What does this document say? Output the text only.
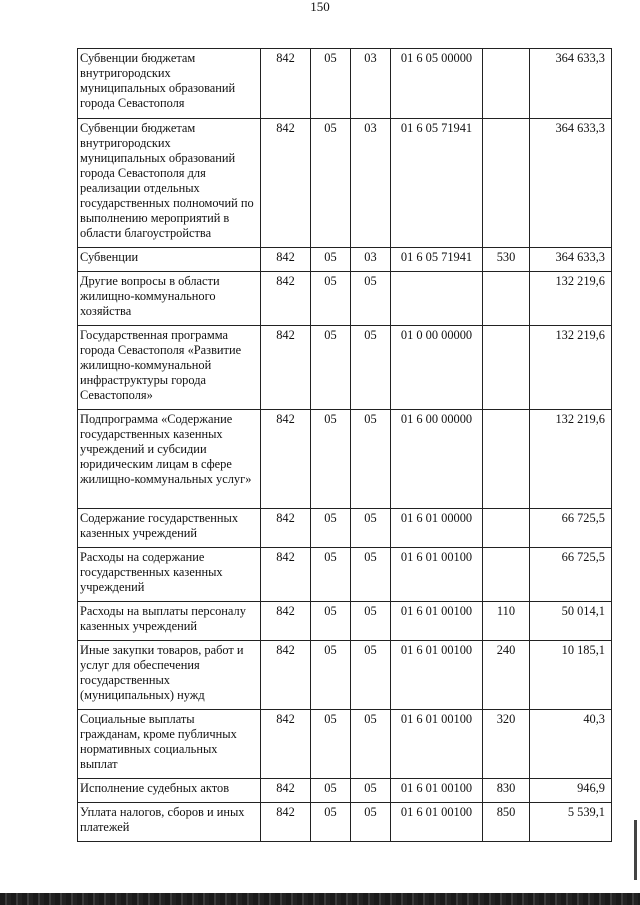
150
Субвенции бюджетам внутригородских муниципальных образований города Севастополя	842	05	03	01 6 05 00000		364 633,3
Субвенции бюджетам внутригородских муниципальных образований города Севастополя для реализации отдельных государственных полномочий по выполнению мероприятий в области благоустройства	842	05	03	01 6 05 71941		364 633,3
Субвенции	842	05	03	01 6 05 71941	530	364 633,3
Другие вопросы в области жилищно-коммунального хозяйства	842	05	05			132 219,6
Государственная программа города Севастополя «Развитие жилищно-коммунальной инфраструктуры города Севастополя»	842	05	05	01 0 00 00000		132 219,6
Подпрограмма «Содержание государственных казенных учреждений и субсидии юридическим лицам в сфере жилищно-коммунальных услуг»	842	05	05	01 6 00 00000		132 219,6
Содержание государственных казенных учреждений	842	05	05	01 6 01 00000		66 725,5
Расходы на содержание государственных казенных учреждений	842	05	05	01 6 01 00100		66 725,5
Расходы на выплаты персоналу казенных учреждений	842	05	05	01 6 01 00100	110	50 014,1
Иные закупки товаров, работ и услуг для обеспечения государственных (муниципальных) нужд	842	05	05	01 6 01 00100	240	10 185,1
Социальные выплаты гражданам, кроме публичных нормативных социальных выплат	842	05	05	01 6 01 00100	320	40,3
Исполнение судебных актов	842	05	05	01 6 01 00100	830	946,9
Уплата налогов, сборов и иных платежей	842	05	05	01 6 01 00100	850	5 539,1
